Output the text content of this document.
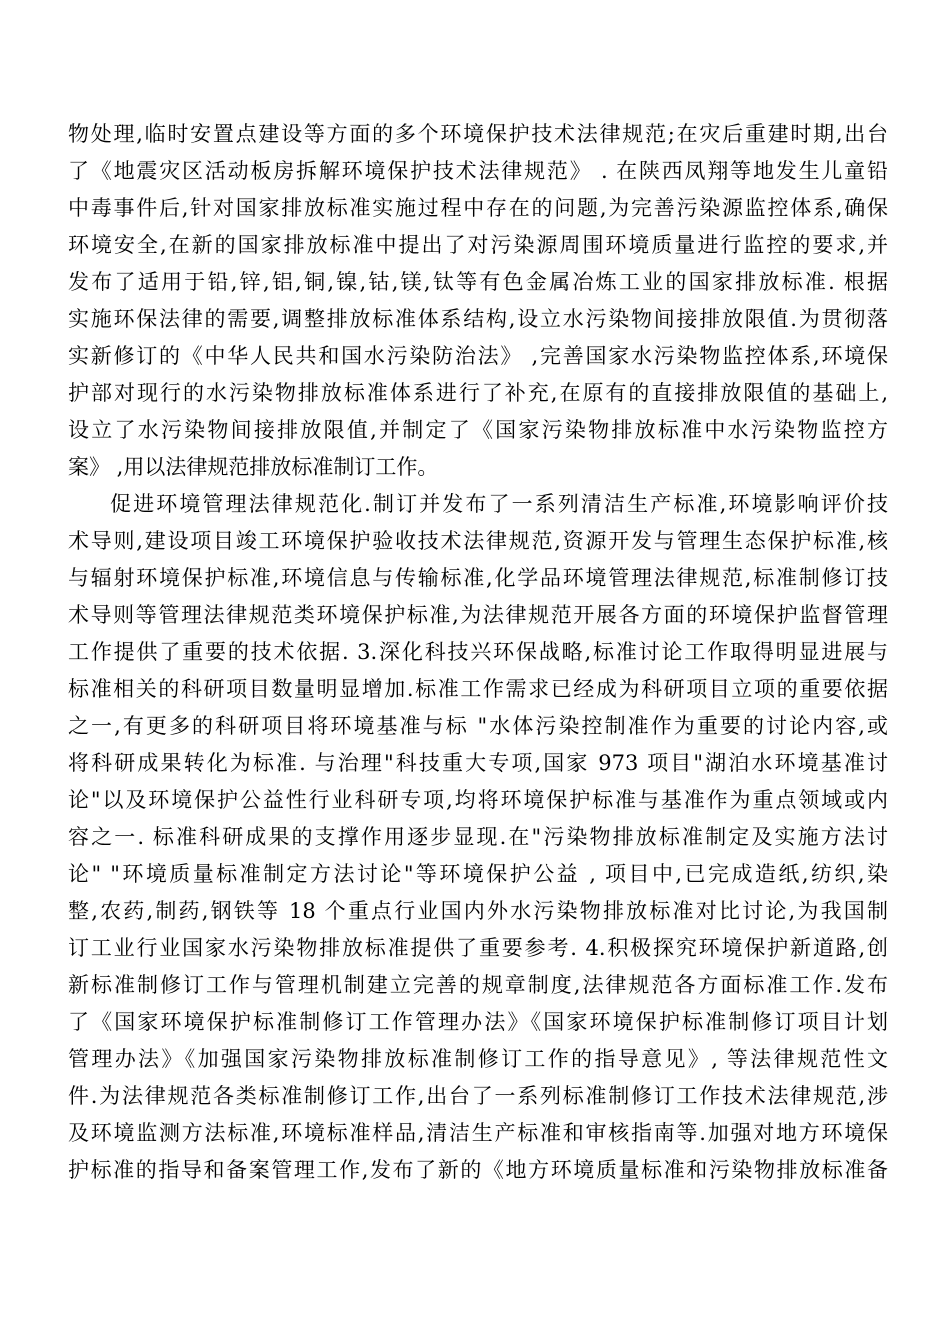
物处理,临时安置点建设等方面的多个环境保护技术法律规范;在灾后重建时期,出台
了《地震灾区活动板房拆解环境保护技术法律规范》 . 在陕西凤翔等地发生儿童铅
中毒事件后,针对国家排放标准实施过程中存在的问题,为完善污染源监控体系,确保
环境安全,在新的国家排放标准中提出了对污染源周围环境质量进行监控的要求,并
发布了适用于铅,锌,铝,铜,镍,钴,镁,钛等有色金属冶炼工业的国家排放标准. 根据
实施环保法律的需要,调整排放标准体系结构,设立水污染物间接排放限值.为贯彻落
实新修订的《中华人民共和国水污染防治法》 ,完善国家水污染物监控体系,环境保
护部对现行的水污染物排放标准体系进行了补充,在原有的直接排放限值的基础上,
设立了水污染物间接排放限值,并制定了《国家污染物排放标准中水污染物监控方
案》 ,用以法律规范排放标准制订工作。
促进环境管理法律规范化.制订并发布了一系列清洁生产标准,环境影响评价技
术导则,建设项目竣工环境保护验收技术法律规范,资源开发与管理生态保护标准,核
与辐射环境保护标准,环境信息与传输标准,化学品环境管理法律规范,标准制修订技
术导则等管理法律规范类环境保护标准,为法律规范开展各方面的环境保护监督管理
工作提供了重要的技术依据. 3.深化科技兴环保战略,标准讨论工作取得明显进展与
标准相关的科研项目数量明显增加.标准工作需求已经成为科研项目立项的重要依据
之一,有更多的科研项目将环境基准与标 "水体污染控制准作为重要的讨论内容,或
将科研成果转化为标准. 与治理"科技重大专项,国家 973 项目"湖泊水环境基准讨
论"以及环境保护公益性行业科研专项,均将环境保护标准与基准作为重点领域或内
容之一. 标准科研成果的支撑作用逐步显现.在"污染物排放标准制定及实施方法讨
论" "环境质量标准制定方法讨论"等环境保护公益 , 项目中,已完成造纸,纺织,染
整,农药,制药,钢铁等 18 个重点行业国内外水污染物排放标准对比讨论,为我国制
订工业行业国家水污染物排放标准提供了重要参考. 4.积极探究环境保护新道路,创
新标准制修订工作与管理机制建立完善的规章制度,法律规范各方面标准工作.发布
了《国家环境保护标准制修订工作管理办法》《国家环境保护标准制修订项目计划
管理办法》《加强国家污染物排放标准制修订工作的指导意见》, 等法律规范性文
件.为法律规范各类标准制修订工作,出台了一系列标准制修订工作技术法律规范,涉
及环境监测方法标准,环境标准样品,清洁生产标准和审核指南等.加强对地方环境保
护标准的指导和备案管理工作,发布了新的《地方环境质量标准和污染物排放标准备
